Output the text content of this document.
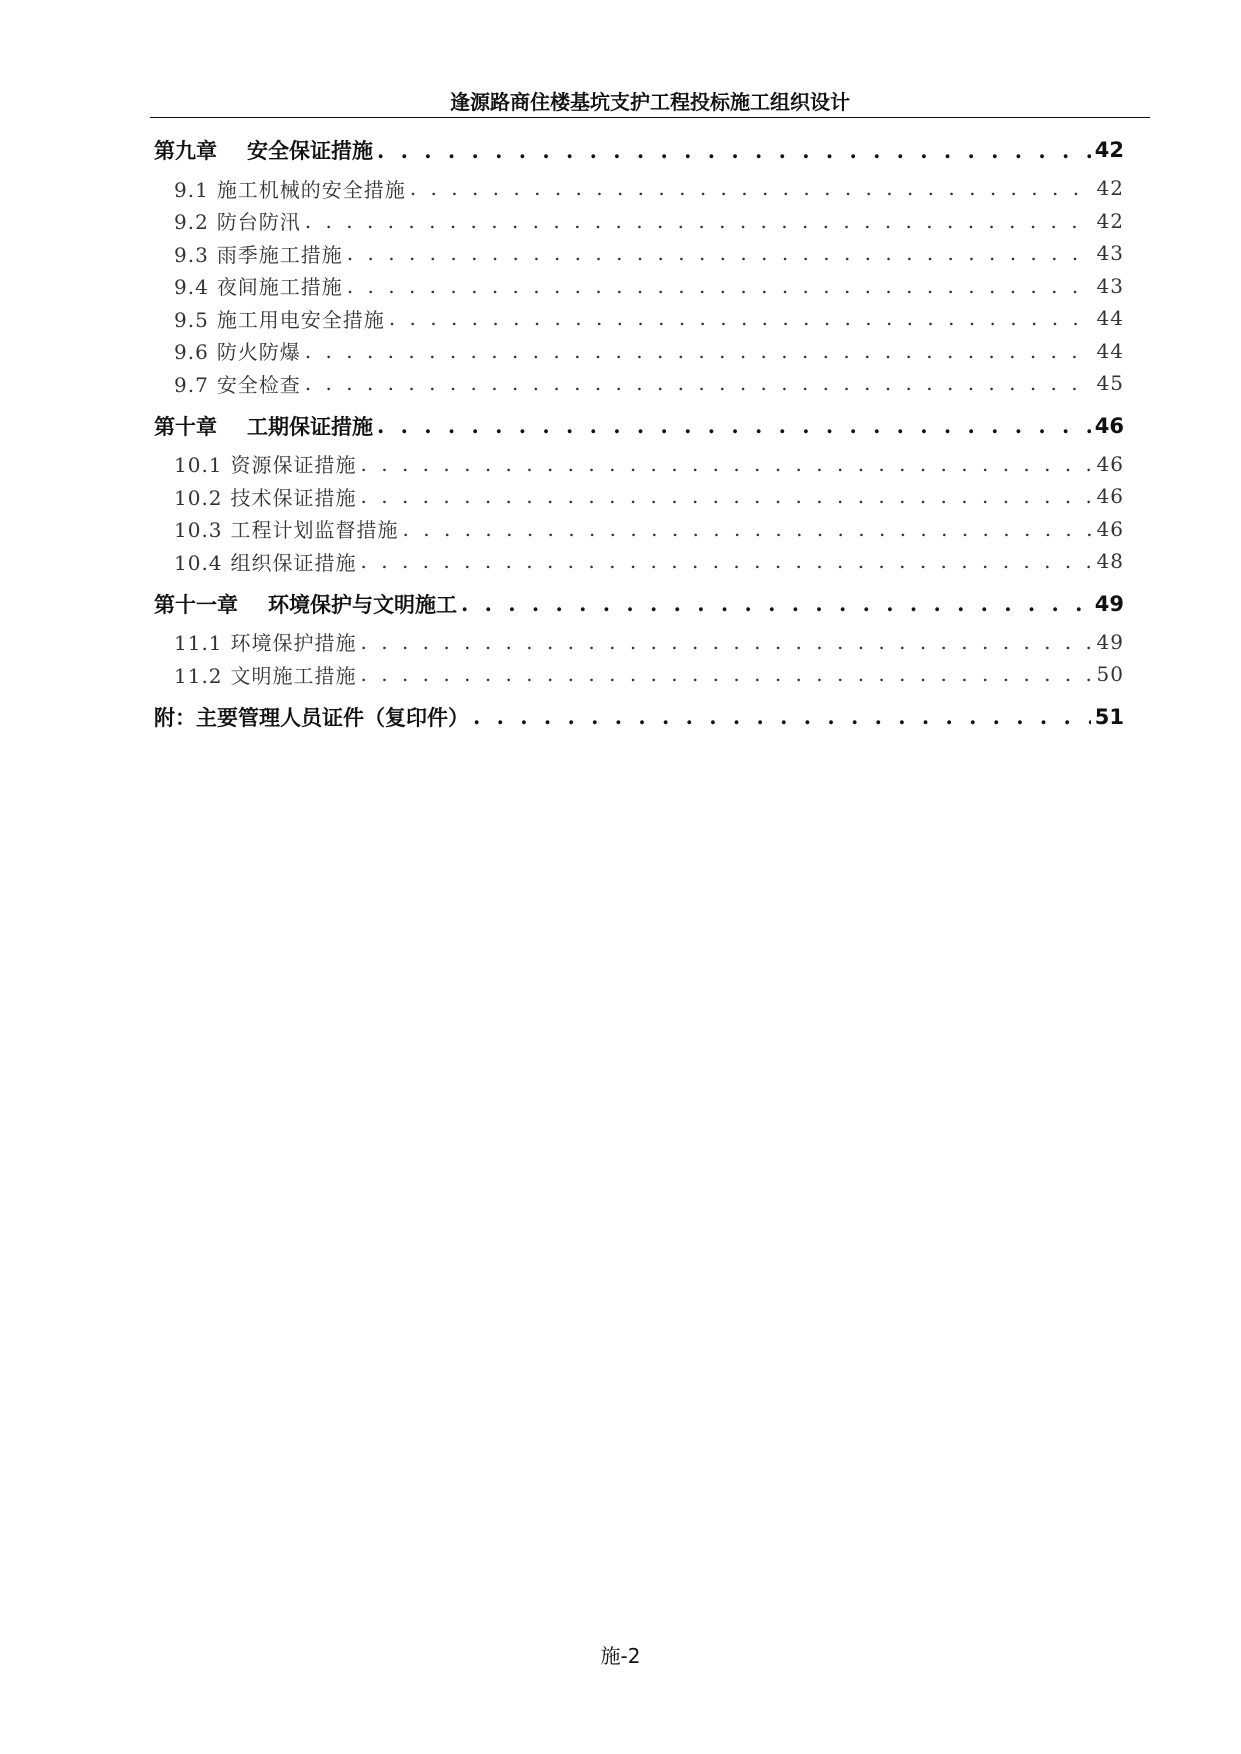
逢源路商住楼基坑支护工程投标施工组织设计
第九章 安全保证措施 . . .	42
9.1 施工机械的安全措施 . . .	42
9.2 防台防汛 . . .	42
9.3 雨季施工措施 . . .	43
9.4 夜间施工措施 . . .	43
9.5 施工用电安全措施 . . .	44
9.6 防火防爆 . . .	44
9.7 安全检查 . . .	45
第十章 工期保证措施 . . .	46
10.1 资源保证措施 . . .	46
10.2 技术保证措施 . . .	46
10.3 工程计划监督措施 . . .	46
10.4 组织保证措施 . . .	48
第十一章 环境保护与文明施工 . . .	49
11.1 环境保护措施 . . .	49
11.2 文明施工措施 . . .	50
附：主要管理人员证件（复印件） . . .	51
施-2
